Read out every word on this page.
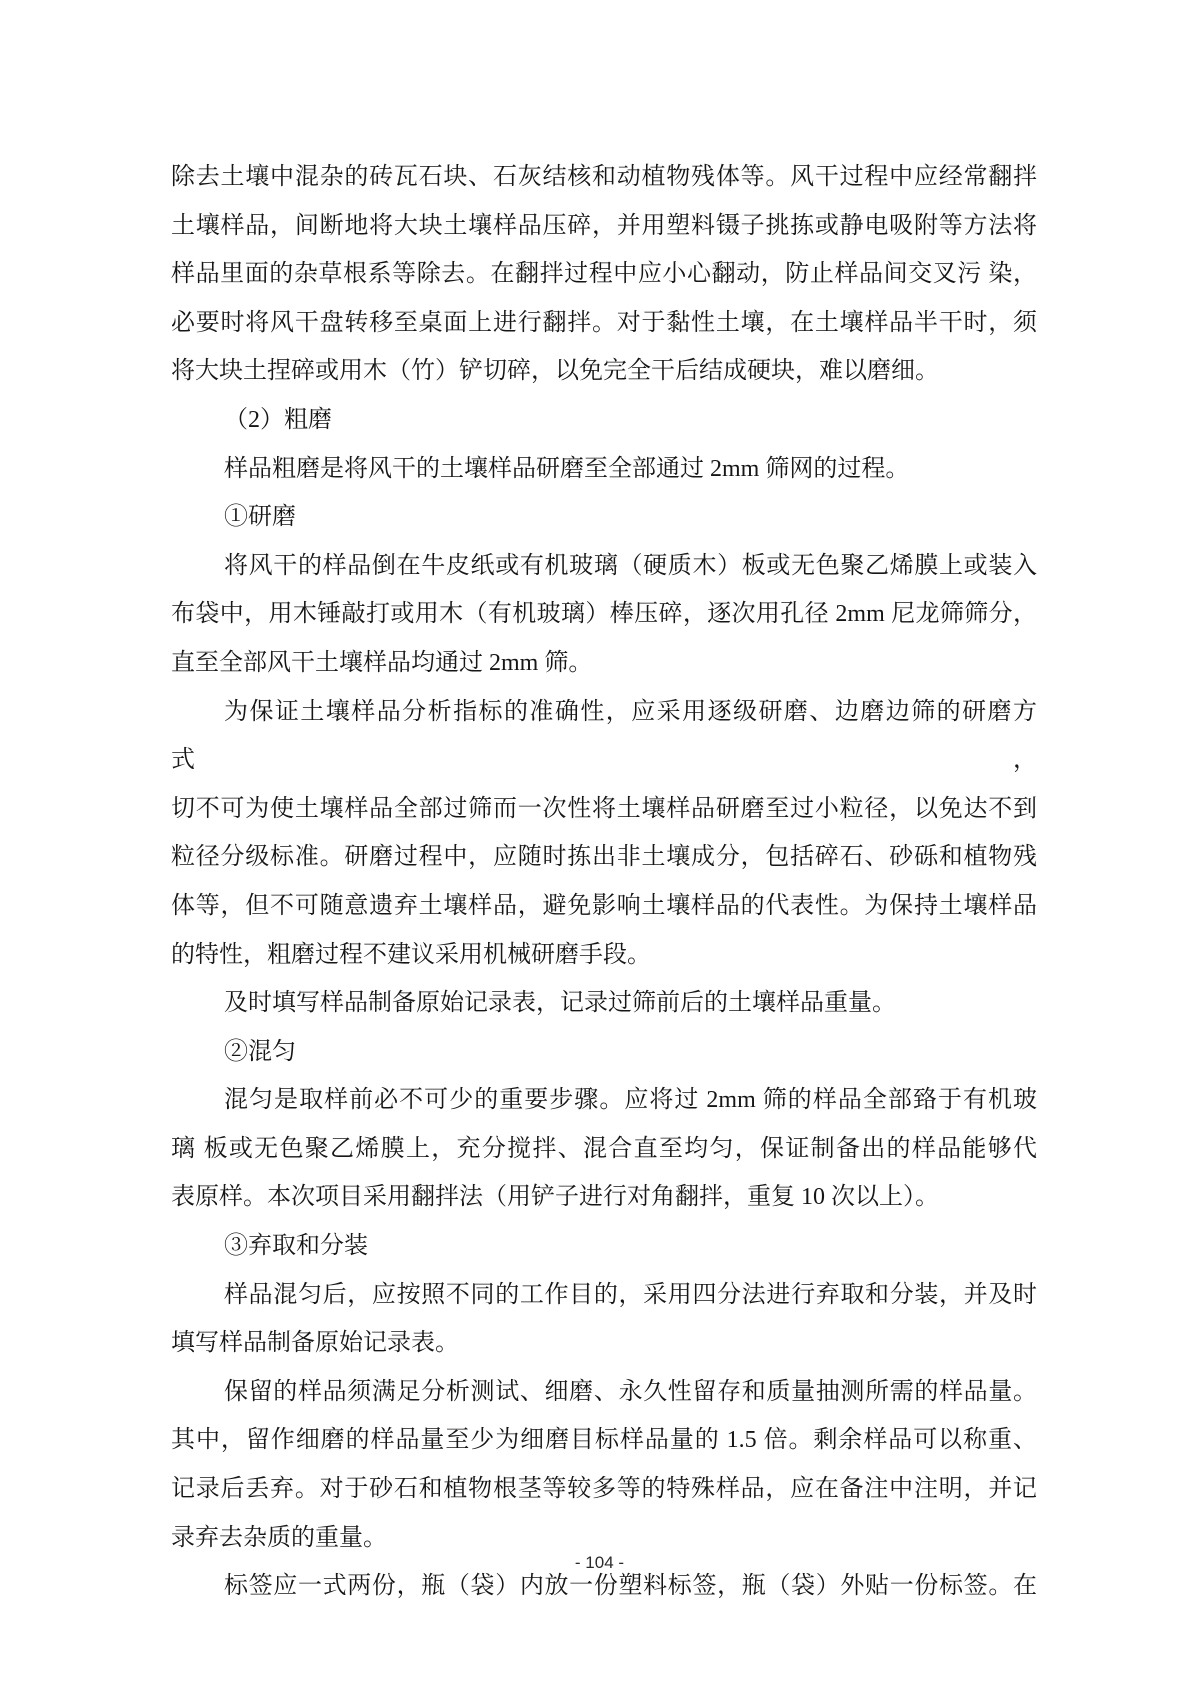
除去土壤中混杂的砖瓦石块、石灰结核和动植物残体等。风干过程中应经常翻拌
土壤样品，间断地将大块土壤样品压碎，并用塑料镊子挑拣或静电吸附等方法将
样品里面的杂草根系等除去。在翻拌过程中应小心翻动，防止样品间交叉污 染，
必要时将风干盘转移至桌面上进行翻拌。对于黏性土壤，在土壤样品半干时，须
将大块土捏碎或用木（竹）铲切碎，以免完全干后结成硬块，难以磨细。
（2）粗磨
样品粗磨是将风干的土壤样品研磨至全部通过 2mm 筛网的过程。
①研磨
将风干的样品倒在牛皮纸或有机玻璃（硬质木）板或无色聚乙烯膜上或装入
布袋中，用木锤敲打或用木（有机玻璃）棒压碎，逐次用孔径 2mm 尼龙筛筛分，
直至全部风干土壤样品均通过 2mm 筛。
为保证土壤样品分析指标的准确性，应采用逐级研磨、边磨边筛的研磨方式，
切不可为使土壤样品全部过筛而一次性将土壤样品研磨至过小粒径，以免达不到
粒径分级标准。研磨过程中，应随时拣出非土壤成分，包括碎石、砂砾和植物残
体等，但不可随意遗弃土壤样品，避免影响土壤样品的代表性。为保持土壤样品
的特性，粗磨过程不建议采用机械研磨手段。
及时填写样品制备原始记录表，记录过筛前后的土壤样品重量。
②混匀
混匀是取样前必不可少的重要步骤。应将过 2mm 筛的样品全部臵于有机玻
璃 板或无色聚乙烯膜上，充分搅拌、混合直至均匀，保证制备出的样品能够代
表原样。本次项目采用翻拌法（用铲子进行对角翻拌，重复 10 次以上）。
③弃取和分装
样品混匀后，应按照不同的工作目的，采用四分法进行弃取和分装，并及时
填写样品制备原始记录表。
保留的样品须满足分析测试、细磨、永久性留存和质量抽测所需的样品量。
其中，留作细磨的样品量至少为细磨目标样品量的 1.5 倍。剩余样品可以称重、
记录后丢弃。对于砂石和植物根茎等较多等的特殊样品，应在备注中注明，并记
录弃去杂质的重量。
标签应一式两份，瓶（袋）内放一份塑料标签，瓶（袋）外贴一份标签。在
- 104 -
